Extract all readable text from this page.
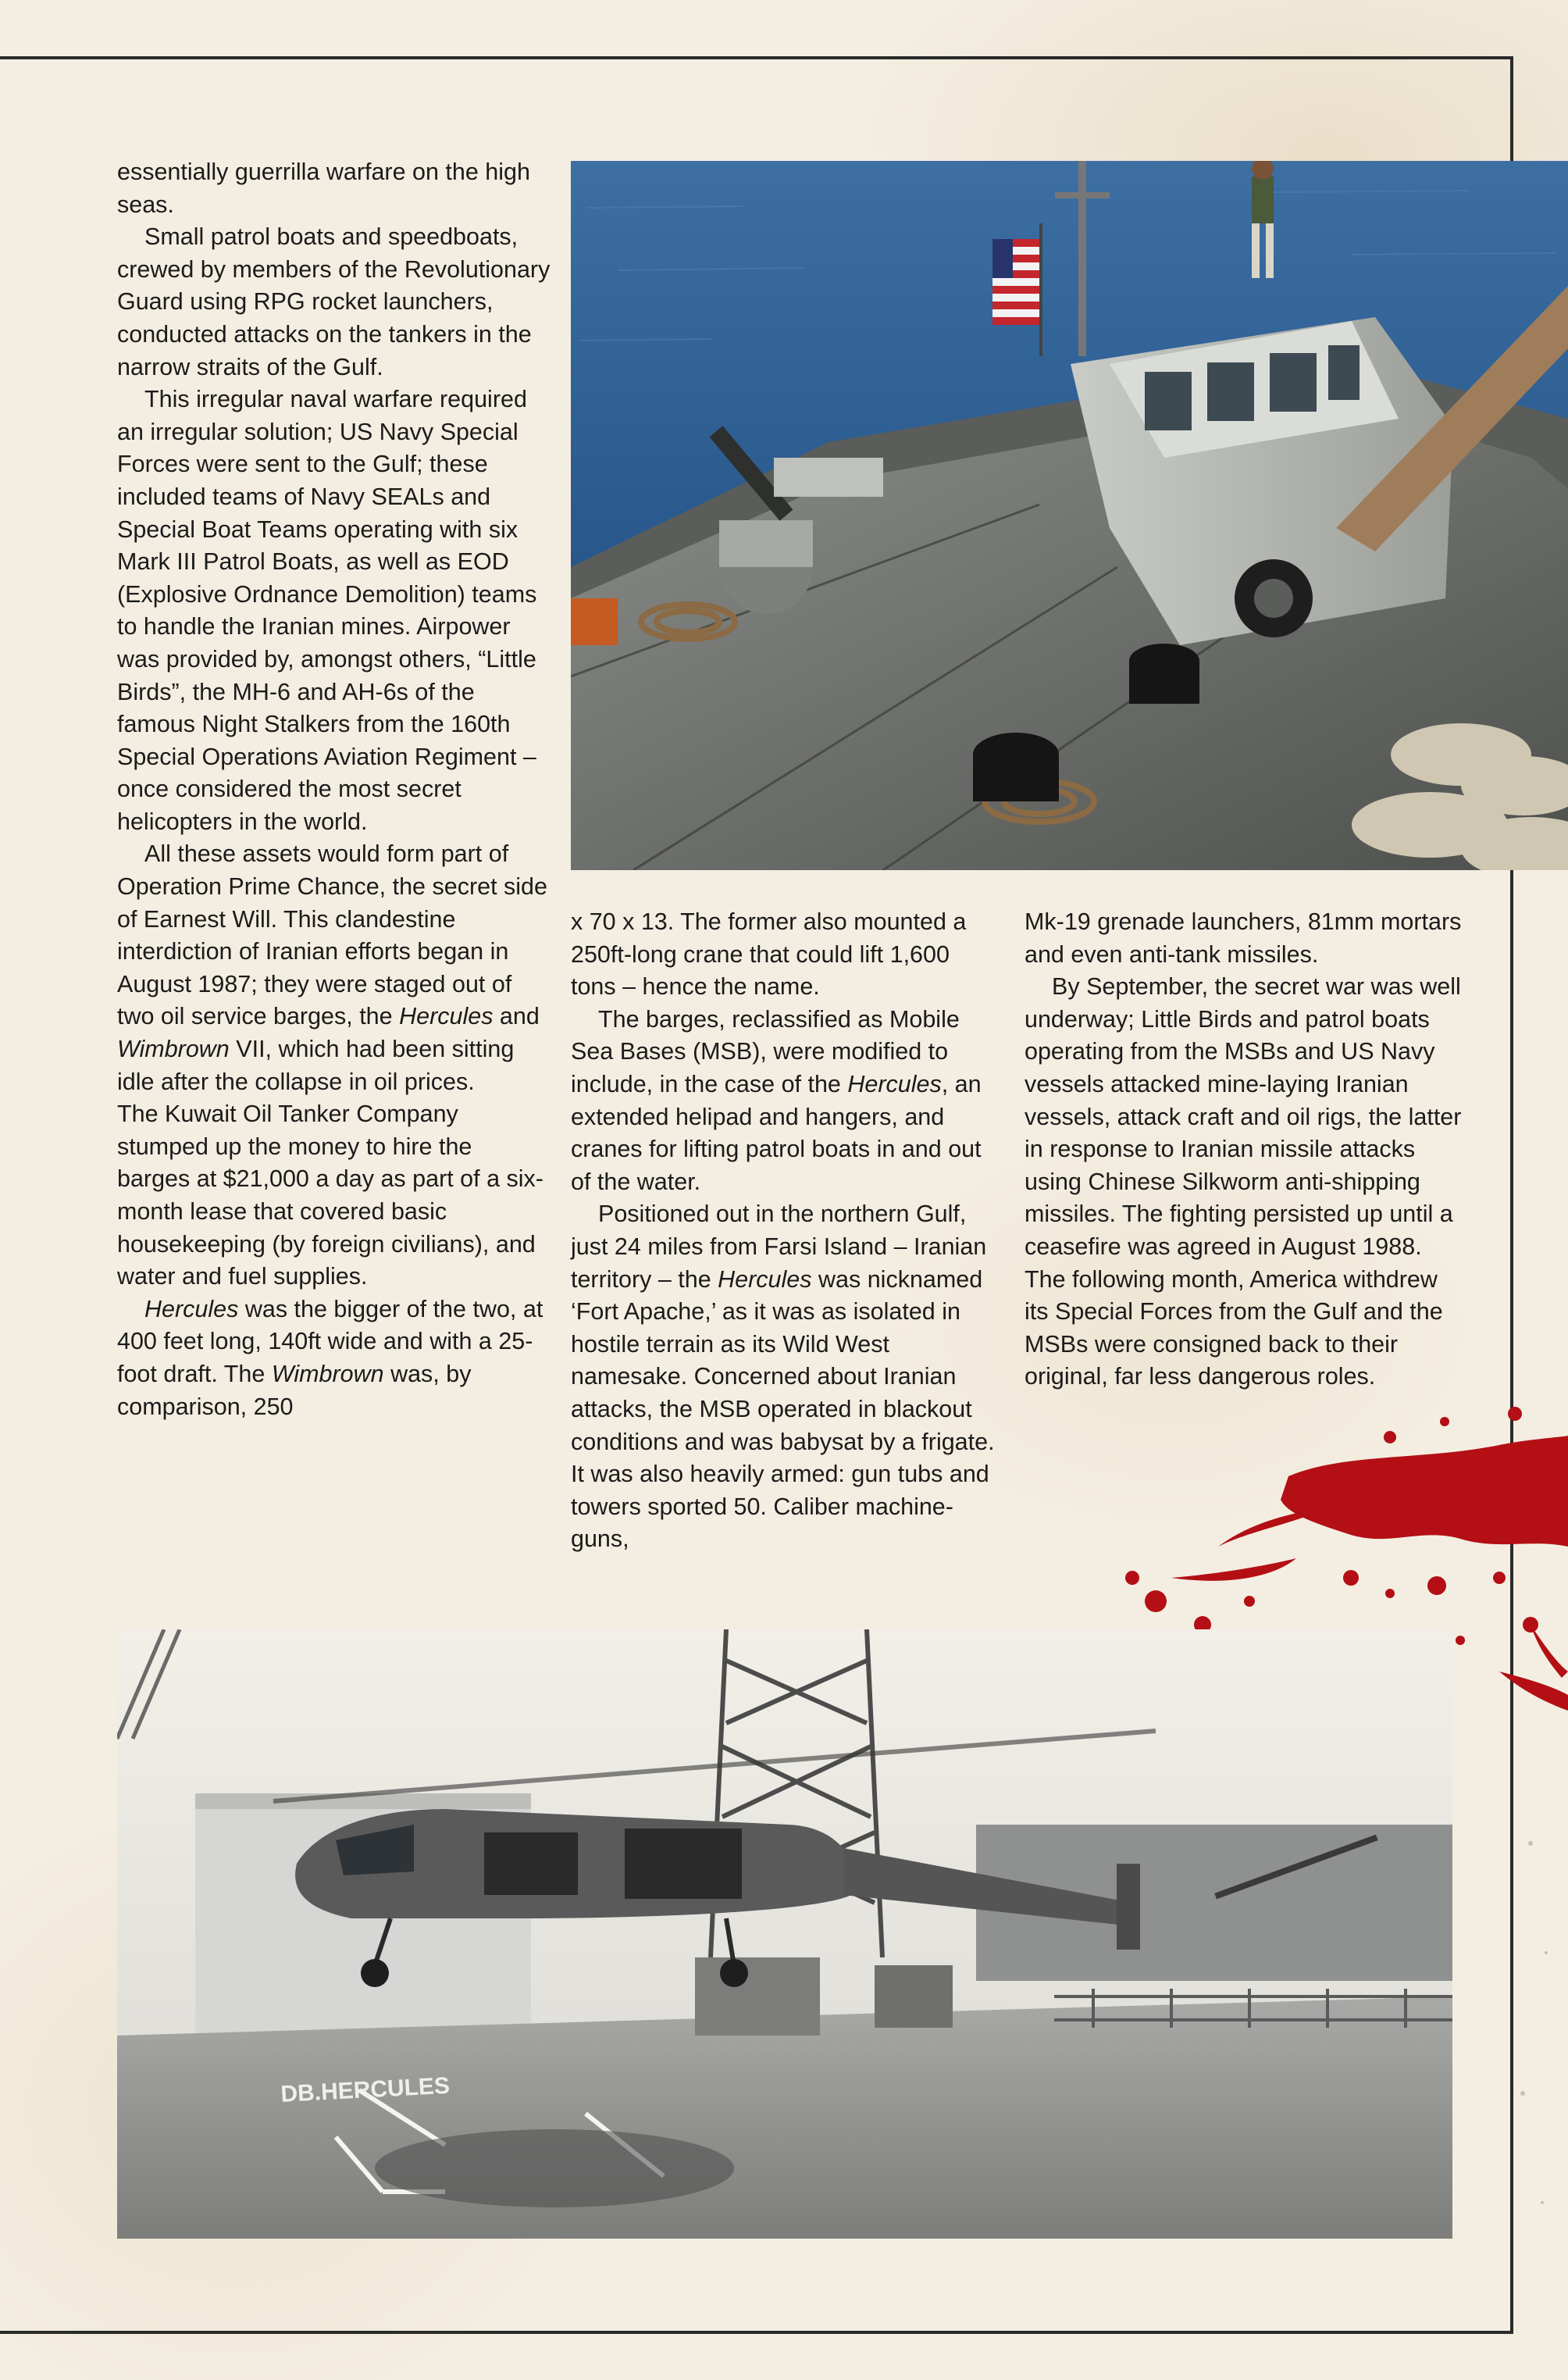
essentially guerrilla warfare on the high seas.

Small patrol boats and speedboats, crewed by members of the Revolutionary Guard using RPG rocket launchers, conducted attacks on the tankers in the narrow straits of the Gulf.

This irregular naval warfare required an irregular solution; US Navy Special Forces were sent to the Gulf; these included teams of Navy SEALs and Special Boat Teams operating with six Mark III Patrol Boats, as well as EOD (Explosive Ordnance Demolition) teams to handle the Iranian mines. Airpower was provided by, amongst others, “Little Birds”, the MH-6 and AH-6s of the famous Night Stalkers from the 160th Special Operations Aviation Regiment – once considered the most secret helicopters in the world.

All these assets would form part of Operation Prime Chance, the secret side of Earnest Will. This clandestine interdiction of Iranian efforts began in August 1987; they were staged out of two oil service barges, the Hercules and Wimbrown VII, which had been sitting idle after the collapse in oil prices.

The Kuwait Oil Tanker Company stumped up the money to hire the barges at $21,000 a day as part of a six-month lease that covered basic housekeeping (by foreign civilians), and water and fuel supplies.

Hercules was the bigger of the two, at 400 feet long, 140ft wide and with a 25-foot draft. The Wimbrown was, by comparison, 250

x 70 x 13. The former also mounted a 250ft-long crane that could lift 1,600 tons – hence the name.

The barges, reclassified as Mobile Sea Bases (MSB), were modified to include, in the case of the Hercules, an extended helipad and hangers, and cranes for lifting patrol boats in and out of the water.

Positioned out in the northern Gulf, just 24 miles from Farsi Island – Iranian territory – the Hercules was nicknamed ‘Fort Apache,’ as it was as isolated in hostile terrain as its Wild West namesake. Concerned about Iranian attacks, the MSB operated in blackout conditions and was babysat by a frigate. It was also heavily armed: gun tubs and towers sported 50. Caliber machine-guns,

Mk-19 grenade launchers, 81mm mortars and even anti-tank missiles.

By September, the secret war was well underway; Little Birds and patrol boats operating from the MSBs and US Navy vessels attacked mine-laying Iranian vessels, attack craft and oil rigs, the latter in response to Iranian missile attacks using Chinese Silkworm anti-shipping missiles. The fighting persisted up until a ceasefire was agreed in August 1988. The following month, America withdrew its Special Forces from the Gulf and the MSBs were consigned back to their original, far less dangerous roles.

DB.HERCULES
